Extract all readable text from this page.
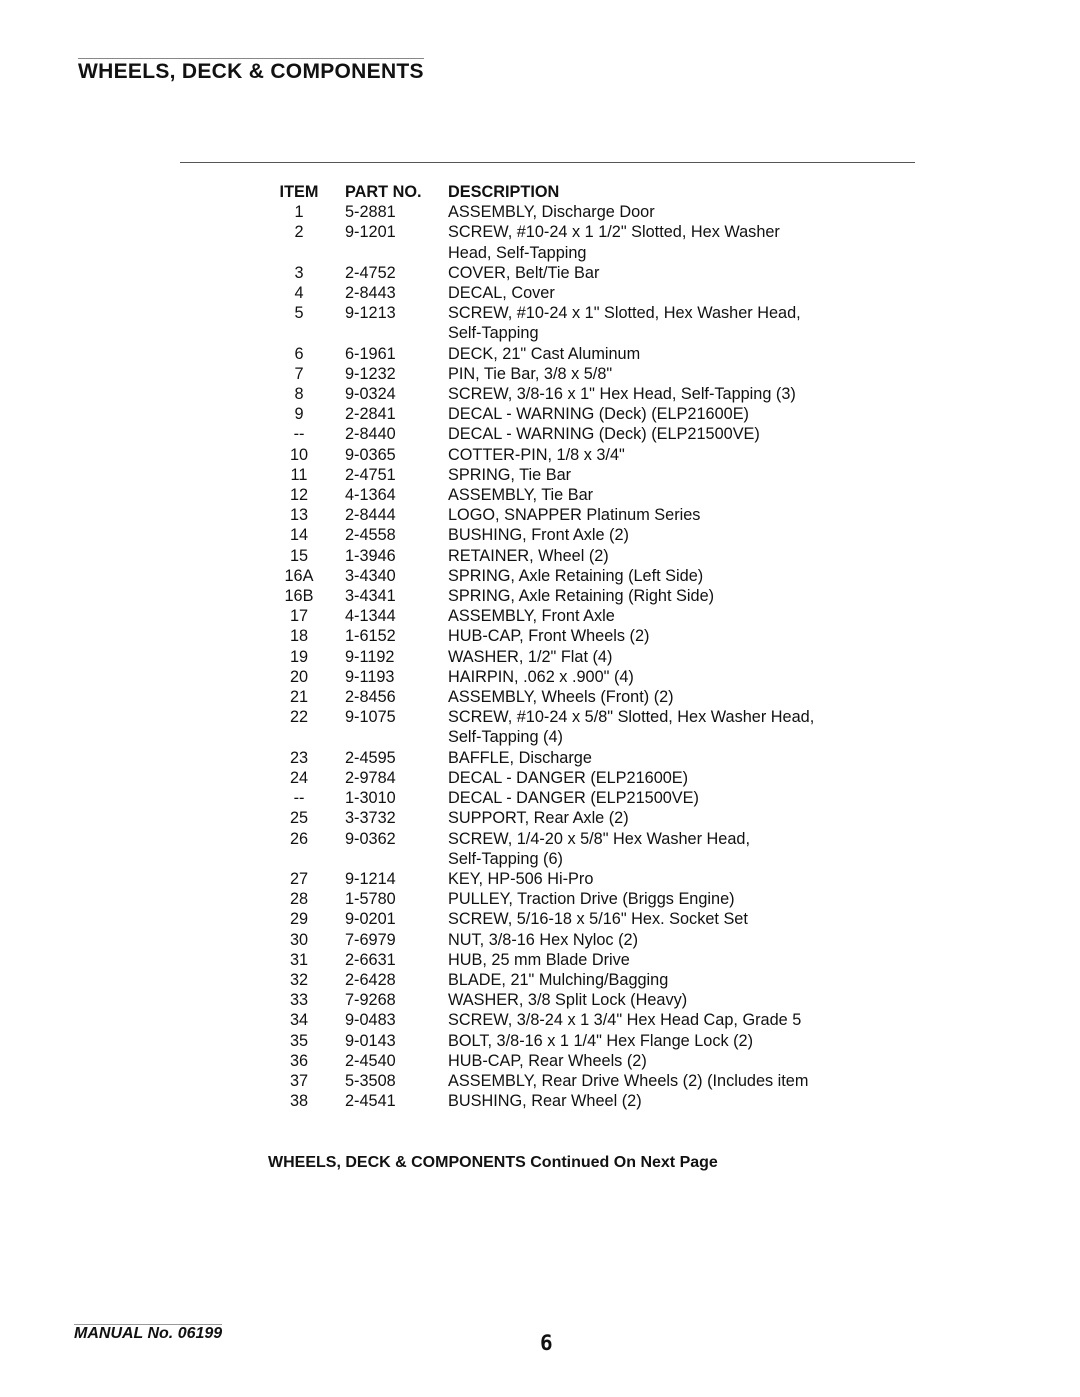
WHEELS, DECK & COMPONENTS
ITEM	PART NO.	DESCRIPTION
1	5-2881	ASSEMBLY, Discharge Door
2	9-1201	SCREW, #10-24 x 1 1/2" Slotted, Hex Washer
Head, Self-Tapping
3	2-4752	COVER, Belt/Tie Bar
4	2-8443	DECAL, Cover
5	9-1213	SCREW, #10-24 x 1" Slotted, Hex Washer Head,
Self-Tapping
6	6-1961	DECK, 21" Cast Aluminum
7	9-1232	PIN, Tie Bar, 3/8 x 5/8"
8	9-0324	SCREW, 3/8-16 x 1" Hex Head, Self-Tapping (3)
9	2-2841	DECAL - WARNING (Deck) (ELP21600E)
--	2-8440	DECAL - WARNING (Deck) (ELP21500VE)
10	9-0365	COTTER-PIN, 1/8 x 3/4"
11	2-4751	SPRING, Tie Bar
12	4-1364	ASSEMBLY, Tie Bar
13	2-8444	LOGO, SNAPPER Platinum Series
14	2-4558	BUSHING, Front Axle (2)
15	1-3946	RETAINER, Wheel (2)
16A	3-4340	SPRING, Axle Retaining (Left Side)
16B	3-4341	SPRING, Axle Retaining (Right Side)
17	4-1344	ASSEMBLY, Front Axle
18	1-6152	HUB-CAP, Front Wheels (2)
19	9-1192	WASHER, 1/2" Flat (4)
20	9-1193	HAIRPIN, .062 x .900" (4)
21	2-8456	ASSEMBLY, Wheels (Front) (2)
22	9-1075	SCREW, #10-24 x 5/8" Slotted, Hex Washer Head,
Self-Tapping (4)
23	2-4595	BAFFLE, Discharge
24	2-9784	DECAL - DANGER (ELP21600E)
--	1-3010	DECAL - DANGER (ELP21500VE)
25	3-3732	SUPPORT, Rear Axle (2)
26	9-0362	SCREW, 1/4-20 x 5/8" Hex Washer Head,
Self-Tapping (6)
27	9-1214	KEY, HP-506 Hi-Pro
28	1-5780	PULLEY, Traction Drive (Briggs Engine)
29	9-0201	SCREW, 5/16-18 x 5/16" Hex. Socket Set
30	7-6979	NUT, 3/8-16 Hex Nyloc (2)
31	2-6631	HUB, 25 mm Blade Drive
32	2-6428	BLADE, 21" Mulching/Bagging
33	7-9268	WASHER, 3/8 Split Lock (Heavy)
34	9-0483	SCREW, 3/8-24 x 1 3/4" Hex Head Cap, Grade 5
35	9-0143	BOLT, 3/8-16 x 1 1/4" Hex Flange Lock (2)
36	2-4540	HUB-CAP, Rear Wheels (2)
37	5-3508	ASSEMBLY, Rear Drive Wheels (2) (Includes item
38	2-4541	BUSHING, Rear Wheel (2)
WHEELS, DECK & COMPONENTS Continued On Next Page
MANUAL No. 06199	6
